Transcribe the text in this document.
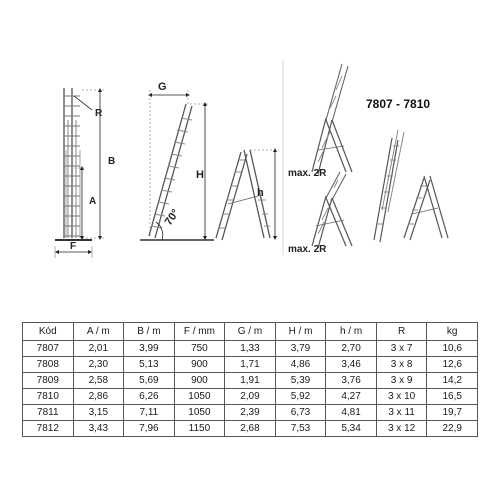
R
B
A
F
G
H
70°
h
max. 2R
max. 2R
7807 - 7810
Kód	A / m	B / m	F / mm	G / m	H / m	h / m	R	kg
7807	2,01	3,99	750	1,33	3,79	2,70	3 x 7	10,6
7808	2,30	5,13	900	1,71	4,86	3,46	3 x 8	12,6
7809	2,58	5,69	900	1,91	5,39	3,76	3 x 9	14,2
7810	2,86	6,26	1050	2,09	5,92	4,27	3 x 10	16,5
7811	3,15	7,11	1050	2,39	6,73	4,81	3 x 11	19,7
7812	3,43	7,96	1150	2,68	7,53	5,34	3 x 12	22,9
